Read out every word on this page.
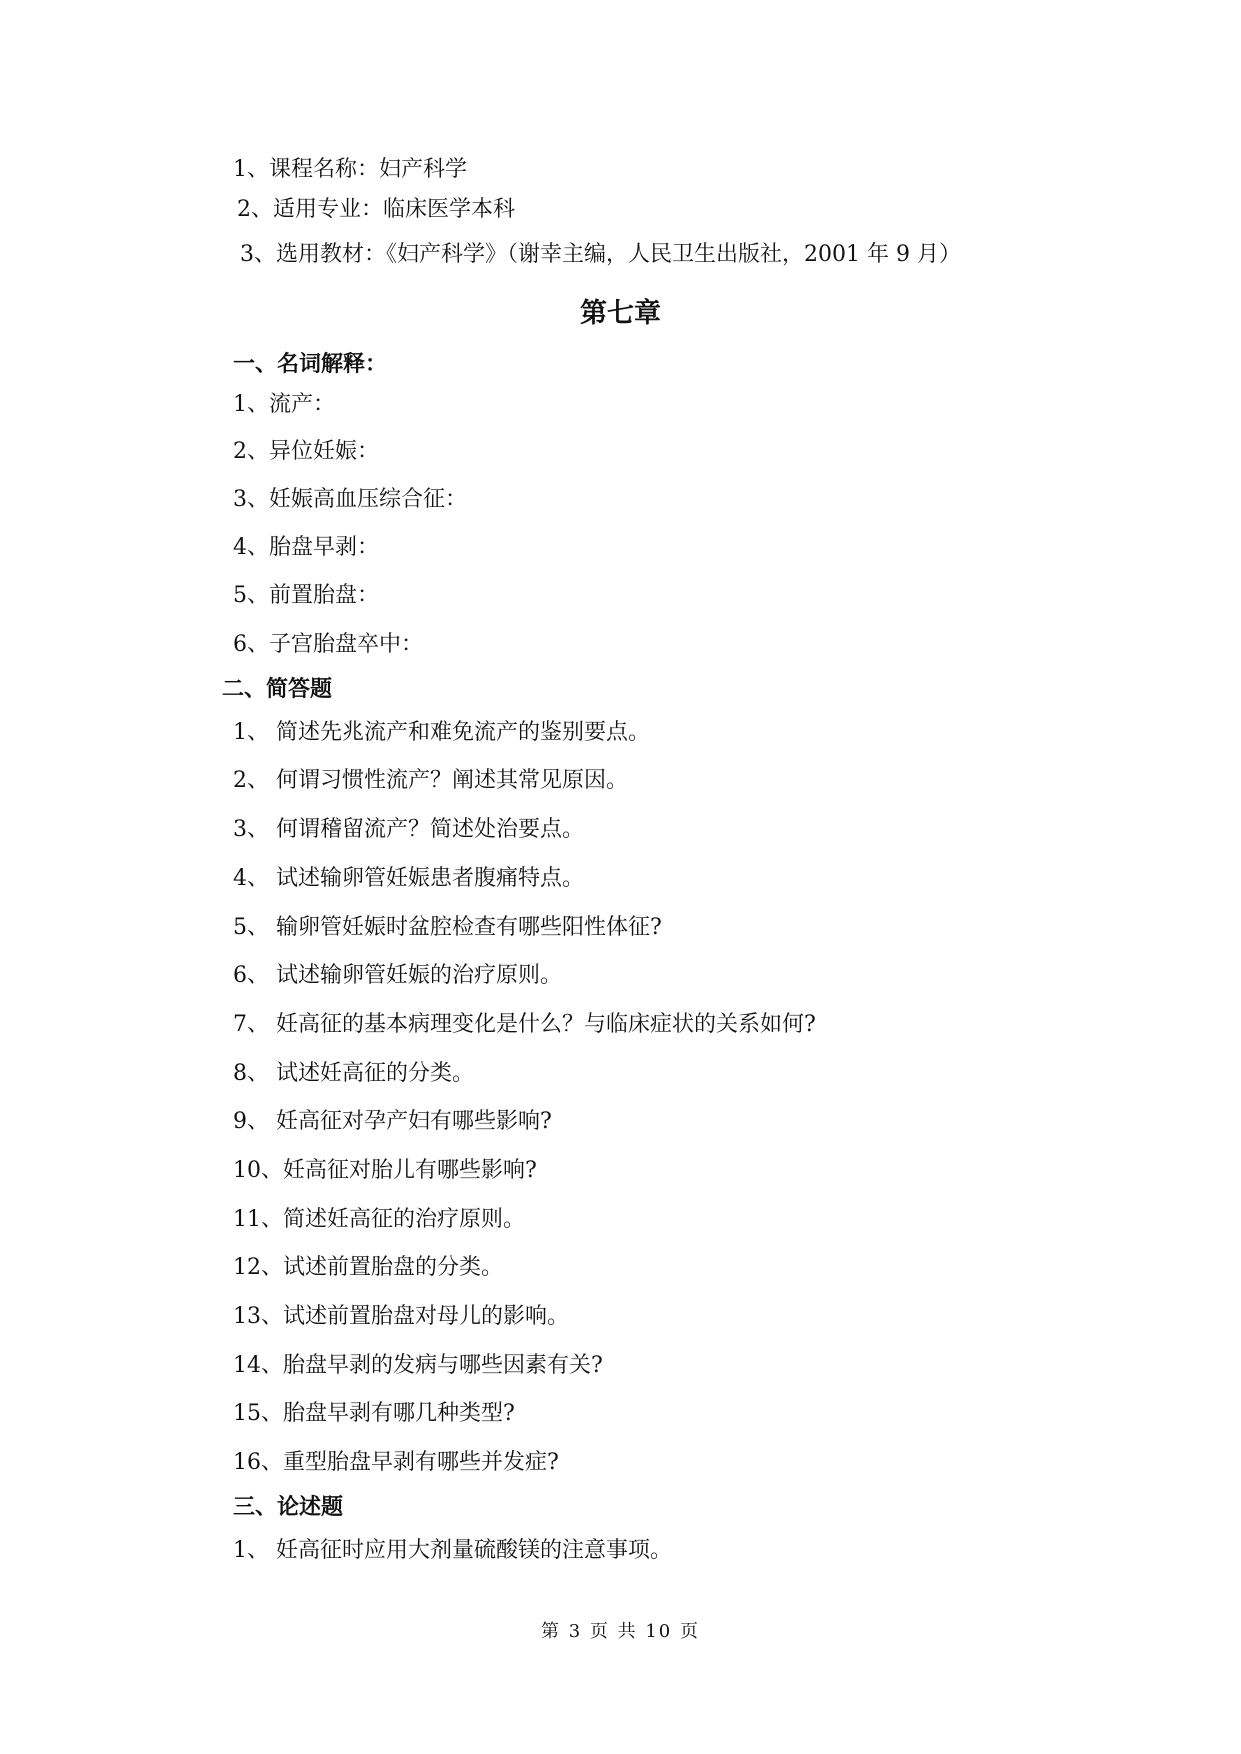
1、课程名称：妇产科学
2、适用专业：临床医学本科
3、选用教材：《妇产科学》（谢幸主编，人民卫生出版社，2001 年 9 月）
第七章
一、名词解释：
1、流产：
2、异位妊娠：
3、妊娠高血压综合征：
4、胎盘早剥：
5、前置胎盘：
6、子宫胎盘卒中：
二、简答题
1、 简述先兆流产和难免流产的鉴别要点。
2、 何谓习惯性流产？阐述其常见原因。
3、 何谓稽留流产？简述处治要点。
4、 试述输卵管妊娠患者腹痛特点。
5、 输卵管妊娠时盆腔检查有哪些阳性体征?
6、 试述输卵管妊娠的治疗原则。
7、 妊高征的基本病理变化是什么？与临床症状的关系如何?
8、 试述妊高征的分类。
9、 妊高征对孕产妇有哪些影响?
10、妊高征对胎儿有哪些影响?
11、简述妊高征的治疗原则。
12、试述前置胎盘的分类。
13、试述前置胎盘对母儿的影响。
14、胎盘早剥的发病与哪些因素有关?
15、胎盘早剥有哪几种类型?
16、重型胎盘早剥有哪些并发症?
三、论述题
1、 妊高征时应用大剂量硫酸镁的注意事项。
第 3 页 共 10 页
